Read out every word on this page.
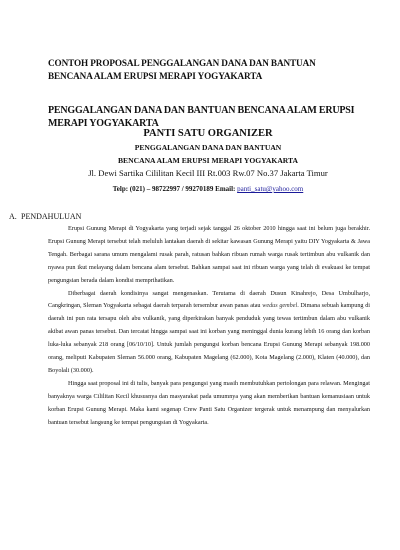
CONTOH PROPOSAL PENGGALANGAN DANA DAN BANTUAN
BENCANA ALAM ERUPSI MERAPI YOGYAKARTA
PENGGALANGAN DANA DAN BANTUAN BENCANA ALAM ERUPSI
MERAPI YOGYAKARTA
PANTI SATU ORGANIZER
PENGGALANGAN DANA DAN BANTUAN
BENCANA ALAM ERUPSI MERAPI YOGYAKARTA
Jl. Dewi Sartika Cililitan Kecil III Rt.003 Rw.07 No.37 Jakarta Timur
Telp: (021) – 98722997 / 99270189 Email: panti_satu@yahoo.com
A. PENDAHULUAN

Erupsi Gunung Merapi di Yogyakarta yang terjadi sejak tanggal 26 oktober 2010 hingga saat ini belum juga berakhir. Erupsi Gunung Merapi tersebut telah meluluh lantakan daerah di sekitar kawasan Gunung Merapi yaitu DIY Yogyakarta & Jawa Tengah. Berbagai sarana umum mengalami rusak parah, ratusan bahkan ribuan rumah warga rusak tertimbun abu vulkanik dan nyawa pun ikut melayang dalam bencana alam tersebut. Bahkan sampai saat ini ribuan warga yang telah di evakuasi ke tempat pengungsian berada dalam kondisi memprihatikan.

Diberbagai daerah kondisinya sangat mengenaskan. Terutama di daerah Dusun Kinahrejo, Desa Umbulharjo, Cangkringan, Sleman Yogyakarta sebagai daerah terparah tersembur awan panas atau wedus gembel. Dimana sebuah kampung di daerah ini pun rata tersapu oleh abu vulkanik, yang diperkirakan banyak penduduk yang tewas tertimbun dalam abu vulkanik akibat awan panas tersebut. Dan tercatat hingga sampai saat ini korban yang meninggal dunia kurang lebih 16 orang dan korban luka-luka sebanyak 218 orang [06/10/10]. Untuk jumlah pengungsi korban bencana Erupsi Gunung Merapi sebanyak 198.000 orang, meliputi Kabupaten Sleman 56.000 orang, Kabupaten Magelang (62.000), Kota Magelang (2.000), Klaten (40.000), dan Boyolali (30.000).

Hingga saat proposal ini di tulis, banyak para pengungsi yang masih membutuhkan pertolongan para relawan. Mengingat banyaknya warga Cililitan Kecil khususnya dan masyarakat pada umumnya yang akan memberikan bantuan kemanusiaan untuk korban Erupsi Gunung Merapi. Maka kami segenap Crew Panti Satu Organizer tergerak untuk menampung dan menyalurkan bantuan tersebut langsung ke tempat pengungsian di Yogyakarta.
